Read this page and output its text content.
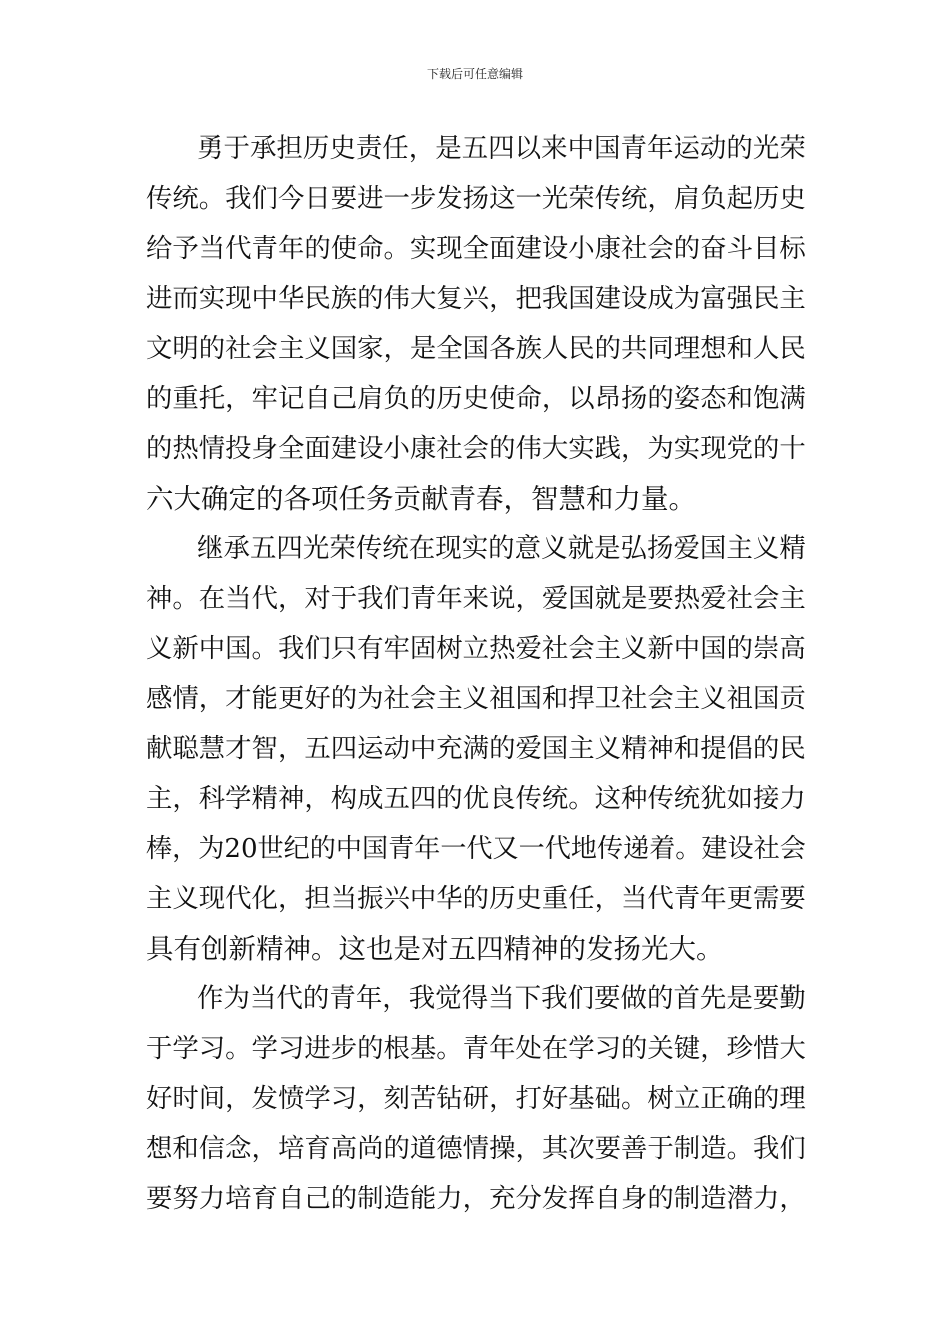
下载后可任意编辑
勇于承担历史责任，是五四以来中国青年运动的光荣
传统。我们今日要进一步发扬这一光荣传统，肩负起历史
给予当代青年的使命。实现全面建设小康社会的奋斗目标
进而实现中华民族的伟大复兴，把我国建设成为富强民主
文明的社会主义国家，是全国各族人民的共同理想和人民
的重托，牢记自己肩负的历史使命，以昂扬的姿态和饱满
的热情投身全面建设小康社会的伟大实践，为实现党的十
六大确定的各项任务贡献青春，智慧和力量。
继承五四光荣传统在现实的意义就是弘扬爱国主义精
神。在当代，对于我们青年来说，爱国就是要热爱社会主
义新中国。我们只有牢固树立热爱社会主义新中国的崇高
感情，才能更好的为社会主义祖国和捍卫社会主义祖国贡
献聪慧才智，五四运动中充满的爱国主义精神和提倡的民
主，科学精神，构成五四的优良传统。这种传统犹如接力
棒，为20世纪的中国青年一代又一代地传递着。建设社会
主义现代化，担当振兴中华的历史重任，当代青年更需要
具有创新精神。这也是对五四精神的发扬光大。
作为当代的青年，我觉得当下我们要做的首先是要勤
于学习。学习进步的根基。青年处在学习的关键，珍惜大
好时间，发愤学习，刻苦钻研，打好基础。树立正确的理
想和信念，培育高尚的道德情操，其次要善于制造。我们
要努力培育自己的制造能力，充分发挥自身的制造潜力，
